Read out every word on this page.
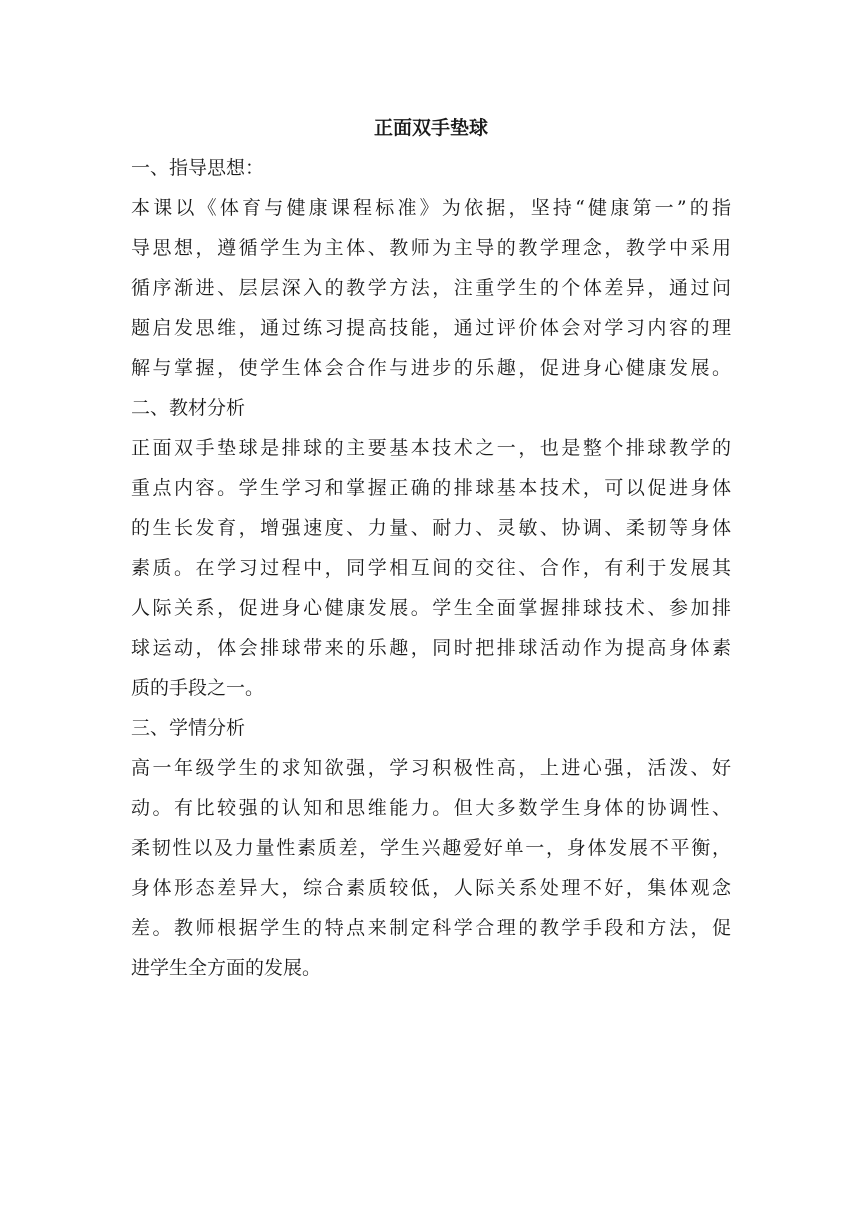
正面双手垫球

一、指导思想：

本课以《体育与健康课程标准》为依据，坚持“健康第一”的指
导思想，遵循学生为主体、教师为主导的教学理念，教学中采用
循序渐进、层层深入的教学方法，注重学生的个体差异，通过问
题启发思维，通过练习提高技能，通过评价体会对学习内容的理
解与掌握，使学生体会合作与进步的乐趣，促进身心健康发展。

二、教材分析

正面双手垫球是排球的主要基本技术之一，也是整个排球教学的
重点内容。学生学习和掌握正确的排球基本技术，可以促进身体
的生长发育，增强速度、力量、耐力、灵敏、协调、柔韧等身体
素质。在学习过程中，同学相互间的交往、合作，有利于发展其
人际关系，促进身心健康发展。学生全面掌握排球技术、参加排
球运动，体会排球带来的乐趣，同时把排球活动作为提高身体素
质的手段之一。

三、学情分析

高一年级学生的求知欲强，学习积极性高，上进心强，活泼、好
动。有比较强的认知和思维能力。但大多数学生身体的协调性、
柔韧性以及力量性素质差，学生兴趣爱好单一，身体发展不平衡，
身体形态差异大，综合素质较低，人际关系处理不好，集体观念
差。教师根据学生的特点来制定科学合理的教学手段和方法，促
进学生全方面的发展。
